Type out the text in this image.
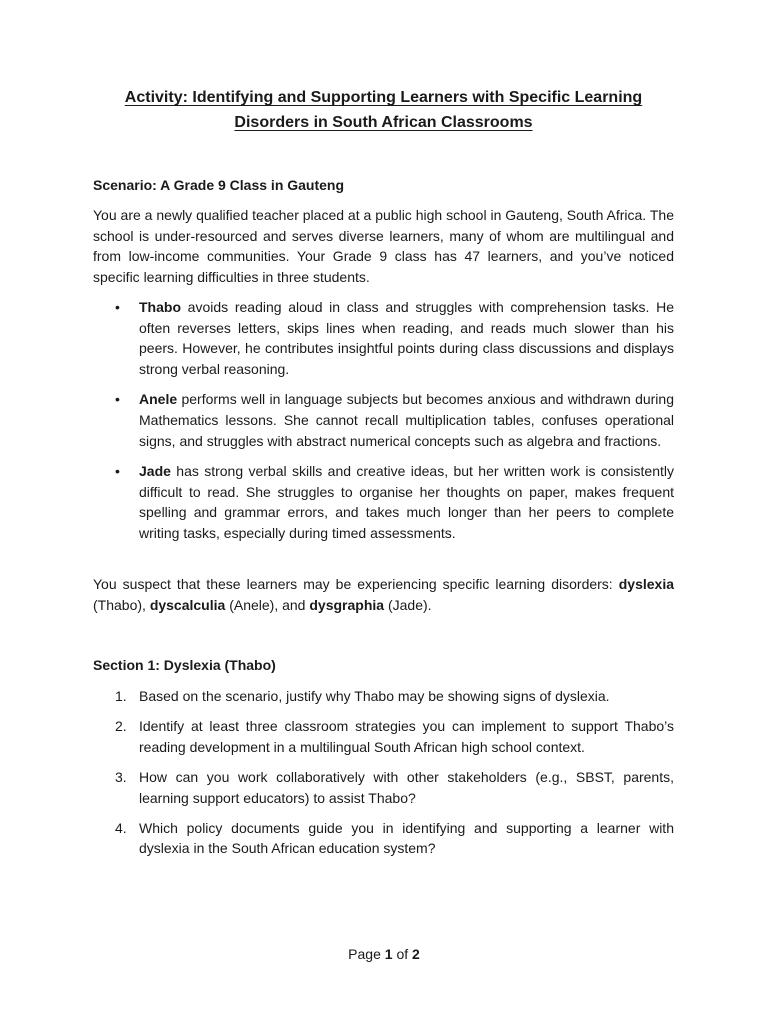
Activity: Identifying and Supporting Learners with Specific Learning Disorders in South African Classrooms

Scenario: A Grade 9 Class in Gauteng

You are a newly qualified teacher placed at a public high school in Gauteng, South Africa. The school is under-resourced and serves diverse learners, many of whom are multilingual and from low-income communities. Your Grade 9 class has 47 learners, and you’ve noticed specific learning difficulties in three students.

• Thabo avoids reading aloud in class and struggles with comprehension tasks. He often reverses letters, skips lines when reading, and reads much slower than his peers. However, he contributes insightful points during class discussions and displays strong verbal reasoning.
• Anele performs well in language subjects but becomes anxious and withdrawn during Mathematics lessons. She cannot recall multiplication tables, confuses operational signs, and struggles with abstract numerical concepts such as algebra and fractions.
• Jade has strong verbal skills and creative ideas, but her written work is consistently difficult to read. She struggles to organise her thoughts on paper, makes frequent spelling and grammar errors, and takes much longer than her peers to complete writing tasks, especially during timed assessments.

You suspect that these learners may be experiencing specific learning disorders: dyslexia (Thabo), dyscalculia (Anele), and dysgraphia (Jade).

Section 1: Dyslexia (Thabo)

1. Based on the scenario, justify why Thabo may be showing signs of dyslexia.
2. Identify at least three classroom strategies you can implement to support Thabo’s reading development in a multilingual South African high school context.
3. How can you work collaboratively with other stakeholders (e.g., SBST, parents, learning support educators) to assist Thabo?
4. Which policy documents guide you in identifying and supporting a learner with dyslexia in the South African education system?
Page 1 of 2
